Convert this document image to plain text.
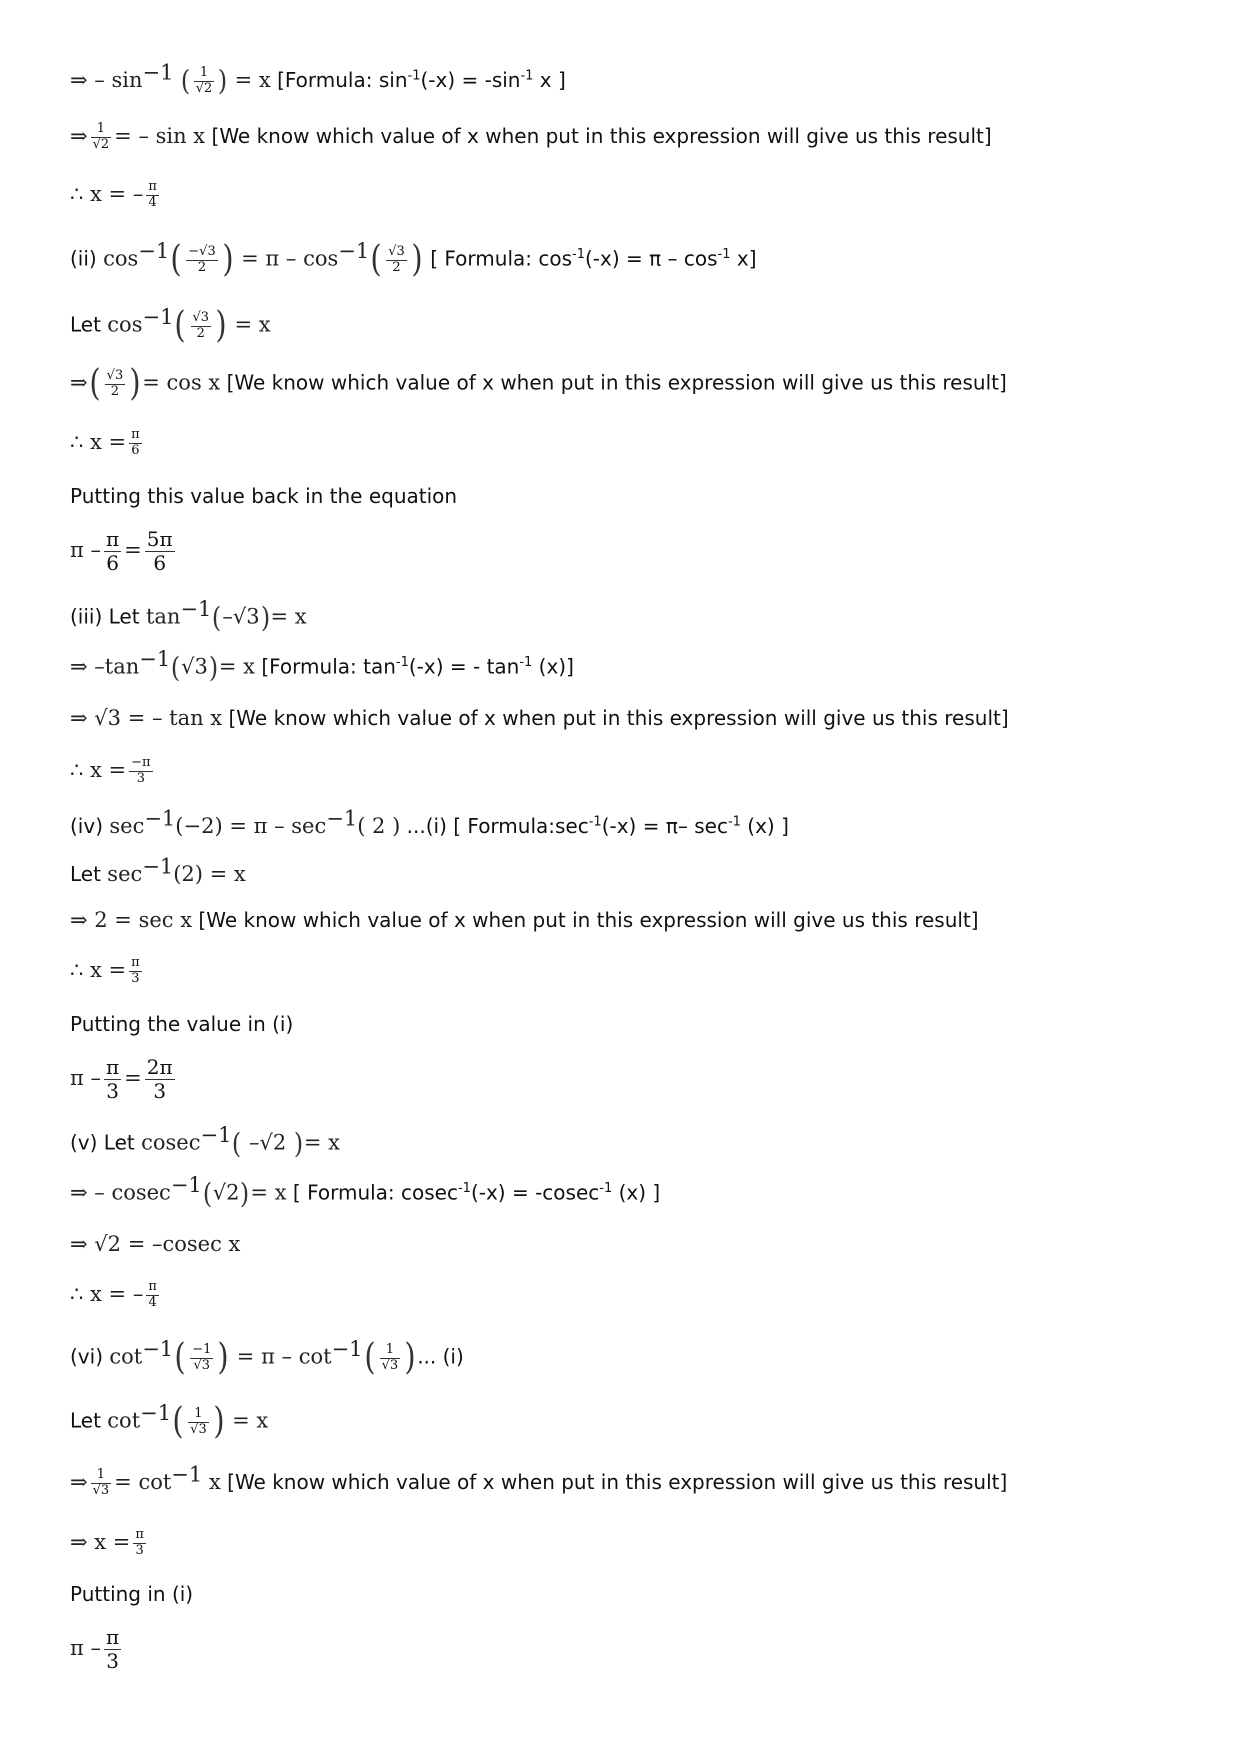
⇒ – $\sin^{-1}$ ( $\frac{1}{√2}$ ) = x [Formula: $\sin^{-1}(-x) = -\sin^{-1}$ x ]
⇒ $\frac{1}{√2}$ = – sin x [We know which value of x when put in this expression will give us this result]
∴ x = – $\frac{\pi}{4}$
(ii) $\cos^{-1}( \frac{-√3}{2}$ ) = π – $\cos^{-1}( \frac{√3}{2}$ ) [ Formula: $\cos^{-1}(-x) = \pi - \cos^{-1} x$]
Let $\cos^{-1}( \frac{√3}{2}$ ) = x
⇒( $\frac{√3}{2}$ )= cos x [We know which value of x when put in this expression will give us this result]
∴ $x = \frac{\pi}{6}$
Putting this value back in the equation
$\pi - \frac{\pi}{6} = \frac{5\pi}{6}$
(iii) Let $\tan^{-1}(-√3)= x$
⇒ $-\tan^{-1}(√3)= x$ [Formula: $\tan^{-1}(-x)$ = - $\tan^{-1} (x)$]
⇒ √3 = – tan x [We know which value of x when put in this expression will give us this result]
∴ $x = \frac{-\pi}{3}$
(iv) $\sec^{-1}(-2) = \pi - \sec^{-1}$( 2 ) ...(i) [ $Formula:\sec^{-1}(-x) = \pi-$ $\sec^{-1} (x)$ ]
Let $\sec^{-1}(2) = x$
⇒ 2 = sec x [We know which value of x when put in this expression will give us this result]
∴ $x = \frac{\pi}{3}$
Putting the value in (i)
$\pi - \frac{\pi}{3} = \frac{2\pi}{3}$
(v) Let cosec$^{-1}$( –√2 )= x
⇒ – cosec$^{-1}$(√2)= x [ Formula: cosec$^{-1}$(-x) = -cosec$^{-1}$ (x) ]
⇒ √2 = –cosec x
∴ x = – $\frac{\pi}{4}$
(vi) $\cot^{-1}( \frac{-1}{√3}$ ) = π – $\cot^{-1}( \frac{1}{√3}$ )... (i)
Let $\cot^{-1}( \frac{1}{√3}$ ) = x
⇒ $\frac{1}{√3} = \cot^{-1} x$ [We know which value of x when put in this expression will give us this result]
⇒ $x = \frac{\pi}{3}$
Putting in (i)
π – $\frac{\pi}{3}$
